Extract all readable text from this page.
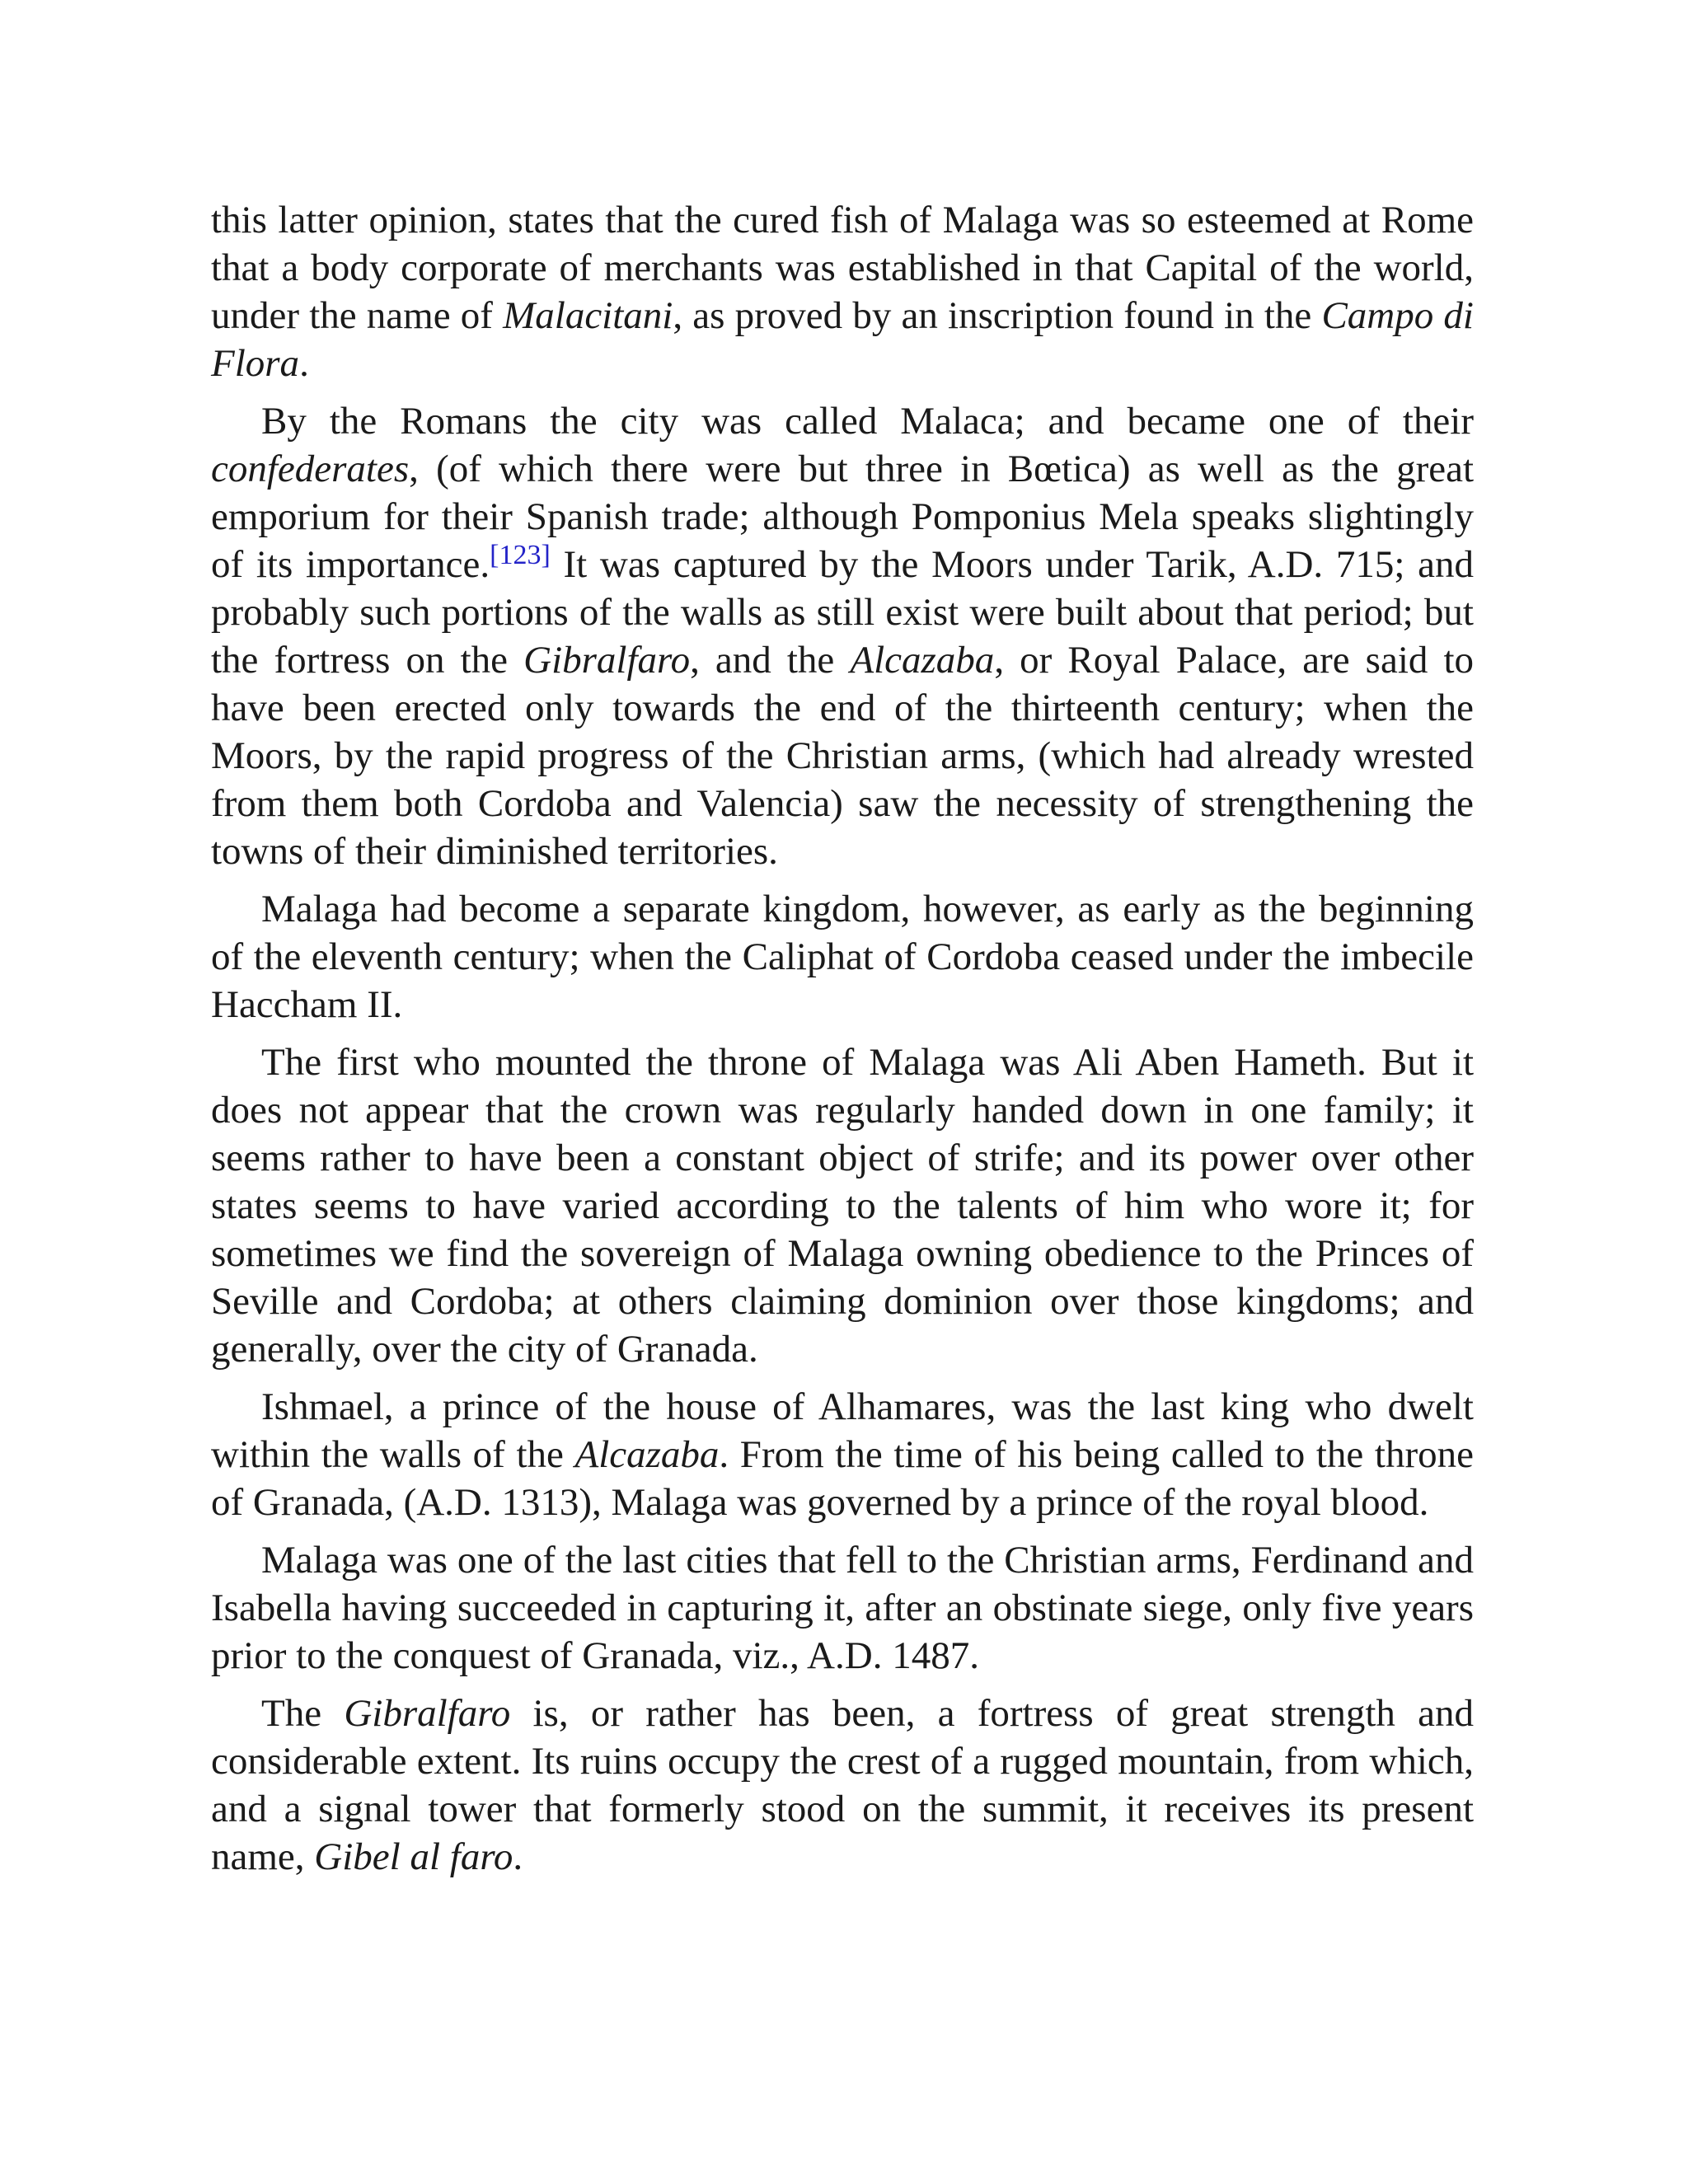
this latter opinion, states that the cured fish of Malaga was so esteemed at Rome that a body corporate of merchants was established in that Capital of the world, under the name of Malacitani, as proved by an inscription found in the Campo di Flora.

By the Romans the city was called Malaca; and became one of their confederates, (of which there were but three in Bœtica) as well as the great emporium for their Spanish trade; although Pomponius Mela speaks slightingly of its importance.[123] It was captured by the Moors under Tarik, A.D. 715; and probably such portions of the walls as still exist were built about that period; but the fortress on the Gibralfaro, and the Alcazaba, or Royal Palace, are said to have been erected only towards the end of the thirteenth century; when the Moors, by the rapid progress of the Christian arms, (which had already wrested from them both Cordoba and Valencia) saw the necessity of strengthening the towns of their diminished territories.

Malaga had become a separate kingdom, however, as early as the beginning of the eleventh century; when the Caliphat of Cordoba ceased under the imbecile Haccham II.

The first who mounted the throne of Malaga was Ali Aben Hameth. But it does not appear that the crown was regularly handed down in one family; it seems rather to have been a constant object of strife; and its power over other states seems to have varied according to the talents of him who wore it; for sometimes we find the sovereign of Malaga owning obedience to the Princes of Seville and Cordoba; at others claiming dominion over those kingdoms; and generally, over the city of Granada.

Ishmael, a prince of the house of Alhamares, was the last king who dwelt within the walls of the Alcazaba. From the time of his being called to the throne of Granada, (A.D. 1313), Malaga was governed by a prince of the royal blood.

Malaga was one of the last cities that fell to the Christian arms, Ferdinand and Isabella having succeeded in capturing it, after an obstinate siege, only five years prior to the conquest of Granada, viz., A.D. 1487.

The Gibralfaro is, or rather has been, a fortress of great strength and considerable extent. Its ruins occupy the crest of a rugged mountain, from which, and a signal tower that formerly stood on the summit, it receives its present name, Gibel al faro.
